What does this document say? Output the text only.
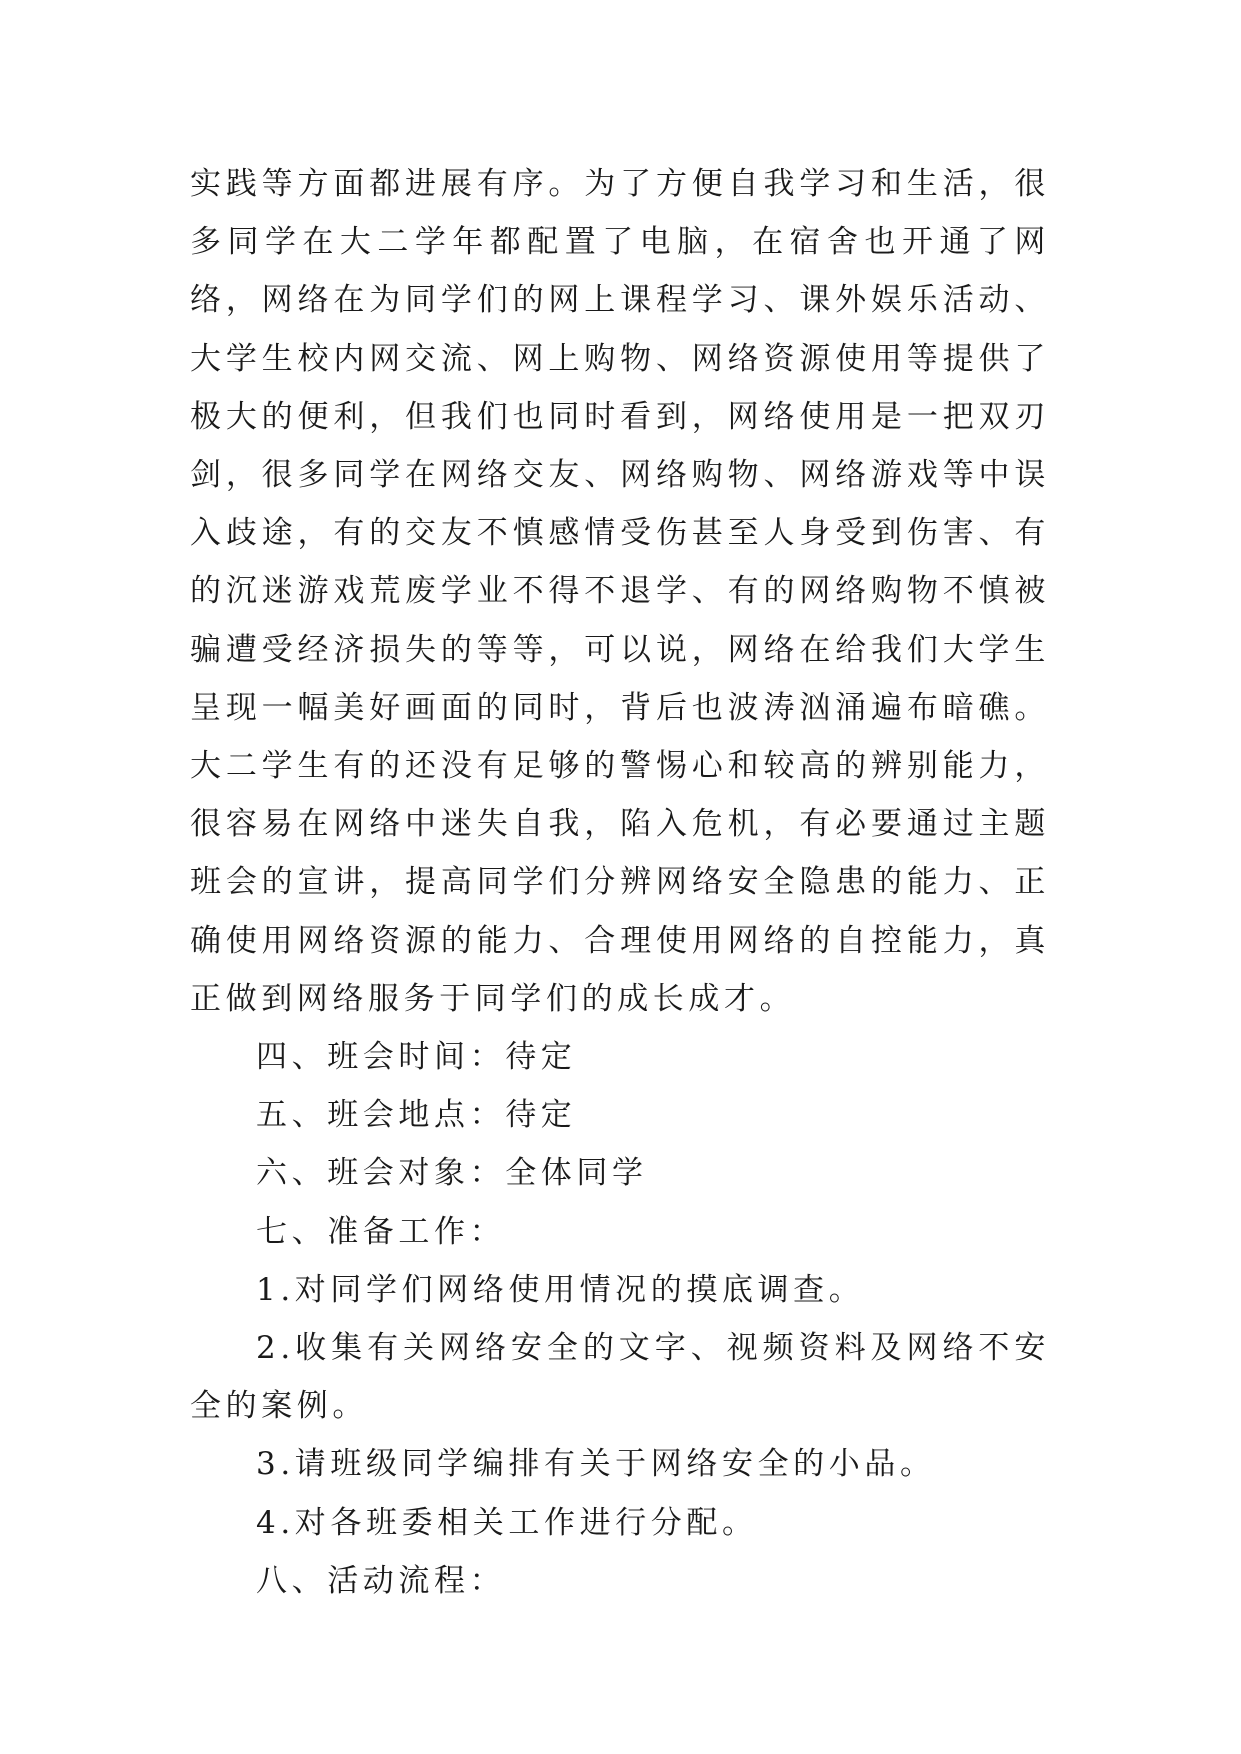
实践等方面都进展有序。为了方便自我学习和生活，很多同学在大二学年都配置了电脑，在宿舍也开通了网络，网络在为同学们的网上课程学习、课外娱乐活动、大学生校内网交流、网上购物、网络资源使用等提供了极大的便利，但我们也同时看到，网络使用是一把双刃剑，很多同学在网络交友、网络购物、网络游戏等中误入歧途，有的交友不慎感情受伤甚至人身受到伤害、有的沉迷游戏荒废学业不得不退学、有的网络购物不慎被骗遭受经济损失的等等，可以说，网络在给我们大学生呈现一幅美好画面的同时，背后也波涛汹涌遍布暗礁。大二学生有的还没有足够的警惕心和较高的辨别能力，很容易在网络中迷失自我，陷入危机，有必要通过主题班会的宣讲，提高同学们分辨网络安全隐患的能力、正确使用网络资源的能力、合理使用网络的自控能力，真正做到网络服务于同学们的成长成才。

四、班会时间：待定

五、班会地点：待定

六、班会对象：全体同学

七、准备工作：

1.对同学们网络使用情况的摸底调查。

2.收集有关网络安全的文字、视频资料及网络不安全的案例。

3.请班级同学编排有关于网络安全的小品。

4.对各班委相关工作进行分配。

八、活动流程：
